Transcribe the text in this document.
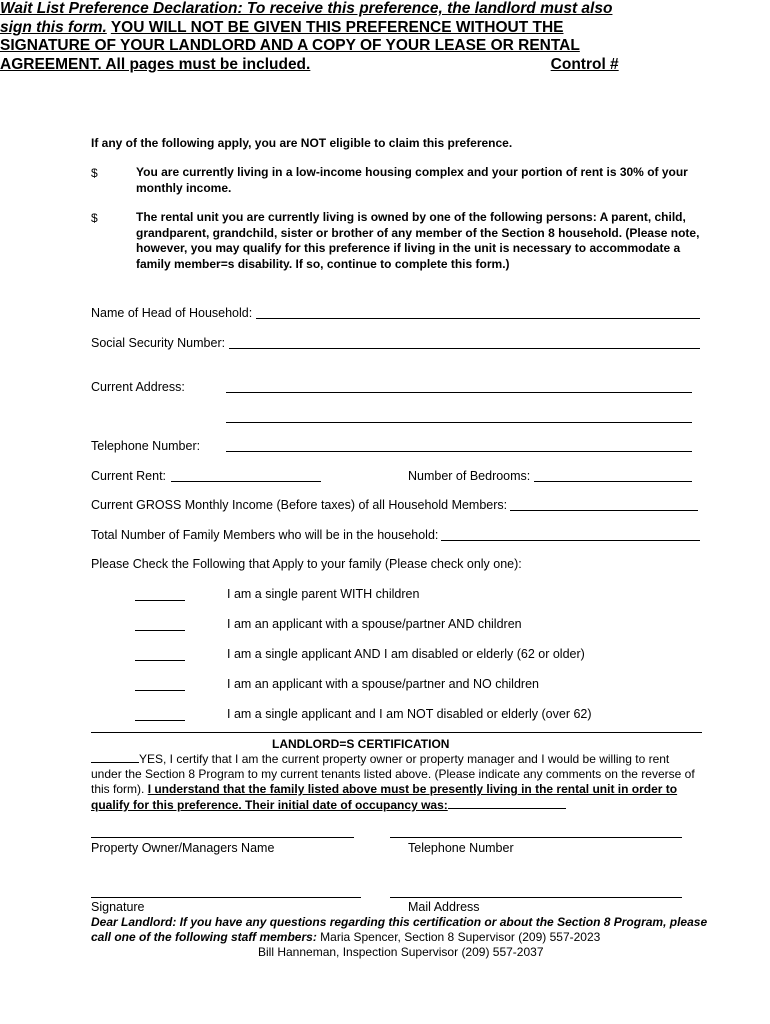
Wait List Preference Declaration: To receive this preference, the landlord must also sign this form. YOU WILL NOT BE GIVEN THIS PREFERENCE WITHOUT THE SIGNATURE OF YOUR LANDLORD AND A COPY OF YOUR LEASE OR RENTAL AGREEMENT. All pages must be included.	Control #
If any of the following apply, you are NOT eligible to claim this preference.
$	You are currently living in a low-income housing complex and your portion of rent is 30% of your monthly income.
$	The rental unit you are currently living is owned by one of the following persons: A parent, child, grandparent, grandchild, sister or brother of any member of the Section 8 household. (Please note, however, you may qualify for this preference if living in the unit is necessary to accommodate a family member=s disability. If so, continue to complete this form.)
Name of Head of Household:
Social Security Number:
Current Address:
Telephone Number:
Current Rent:	Number of Bedrooms:
Current GROSS Monthly Income (Before taxes) of all Household Members:
Total Number of Family Members who will be in the household:
Please Check the Following that Apply to your family (Please check only one):
I am a single parent WITH children
I am an applicant with a spouse/partner AND children
I am a single applicant AND I am disabled or elderly (62 or older)
I am an applicant with a spouse/partner and NO children
I am a single applicant and I am NOT disabled or elderly (over 62)
LANDLORD=S CERTIFICATION
YES, I certify that I am the current property owner or property manager and I would be willing to rent under the Section 8 Program to my current tenants listed above. (Please indicate any comments on the reverse of this form). I understand that the family listed above must be presently living in the rental unit in order to qualify for this preference. Their initial date of occupancy was:
Property Owner/Managers Name	Telephone Number
Signature	Mail Address
Dear Landlord: If you have any questions regarding this certification or about the Section 8 Program, please call one of the following staff members: Maria Spencer, Section 8 Supervisor (209) 557-2023
Bill Hanneman, Inspection Supervisor (209) 557-2037
